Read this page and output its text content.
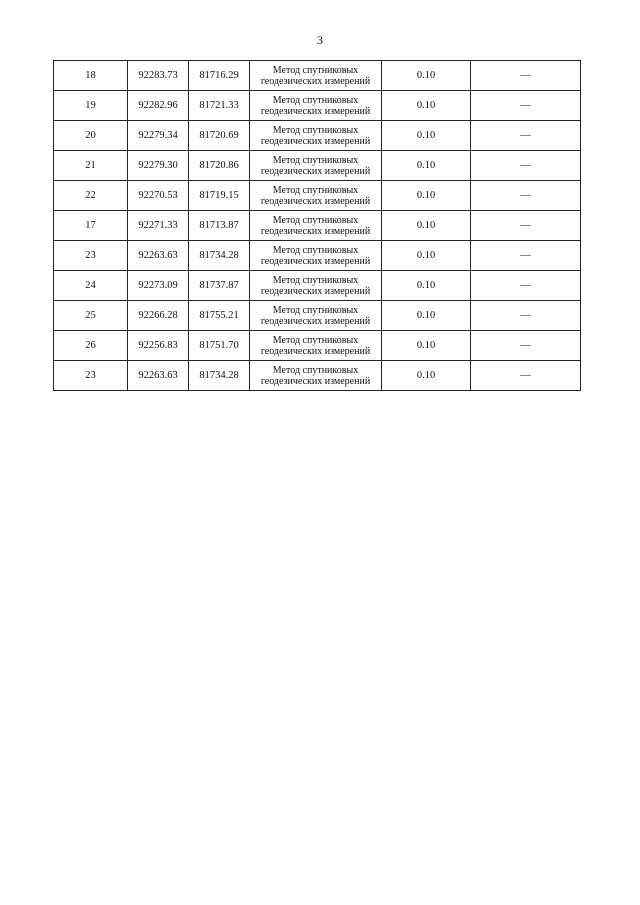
3
18	92283.73	81716.29	Метод спутниковых
геодезических измерений	0.10	—
19	92282.96	81721.33	Метод спутниковых
геодезических измерений	0.10	—
20	92279.34	81720.69	Метод спутниковых
геодезических измерений	0.10	—
21	92279.30	81720.86	Метод спутниковых
геодезических измерений	0.10	—
22	92270.53	81719.15	Метод спутниковых
геодезических измерений	0.10	—
17	92271.33	81713.87	Метод спутниковых
геодезических измерений	0.10	—
23	92263.63	81734.28	Метод спутниковых
геодезических измерений	0.10	—
24	92273.09	81737.87	Метод спутниковых
геодезических измерений	0.10	—
25	92266.28	81755.21	Метод спутниковых
геодезических измерений	0.10	—
26	92256.83	81751.70	Метод спутниковых
геодезических измерений	0.10	—
23	92263.63	81734.28	Метод спутниковых
геодезических измерений	0.10	—
